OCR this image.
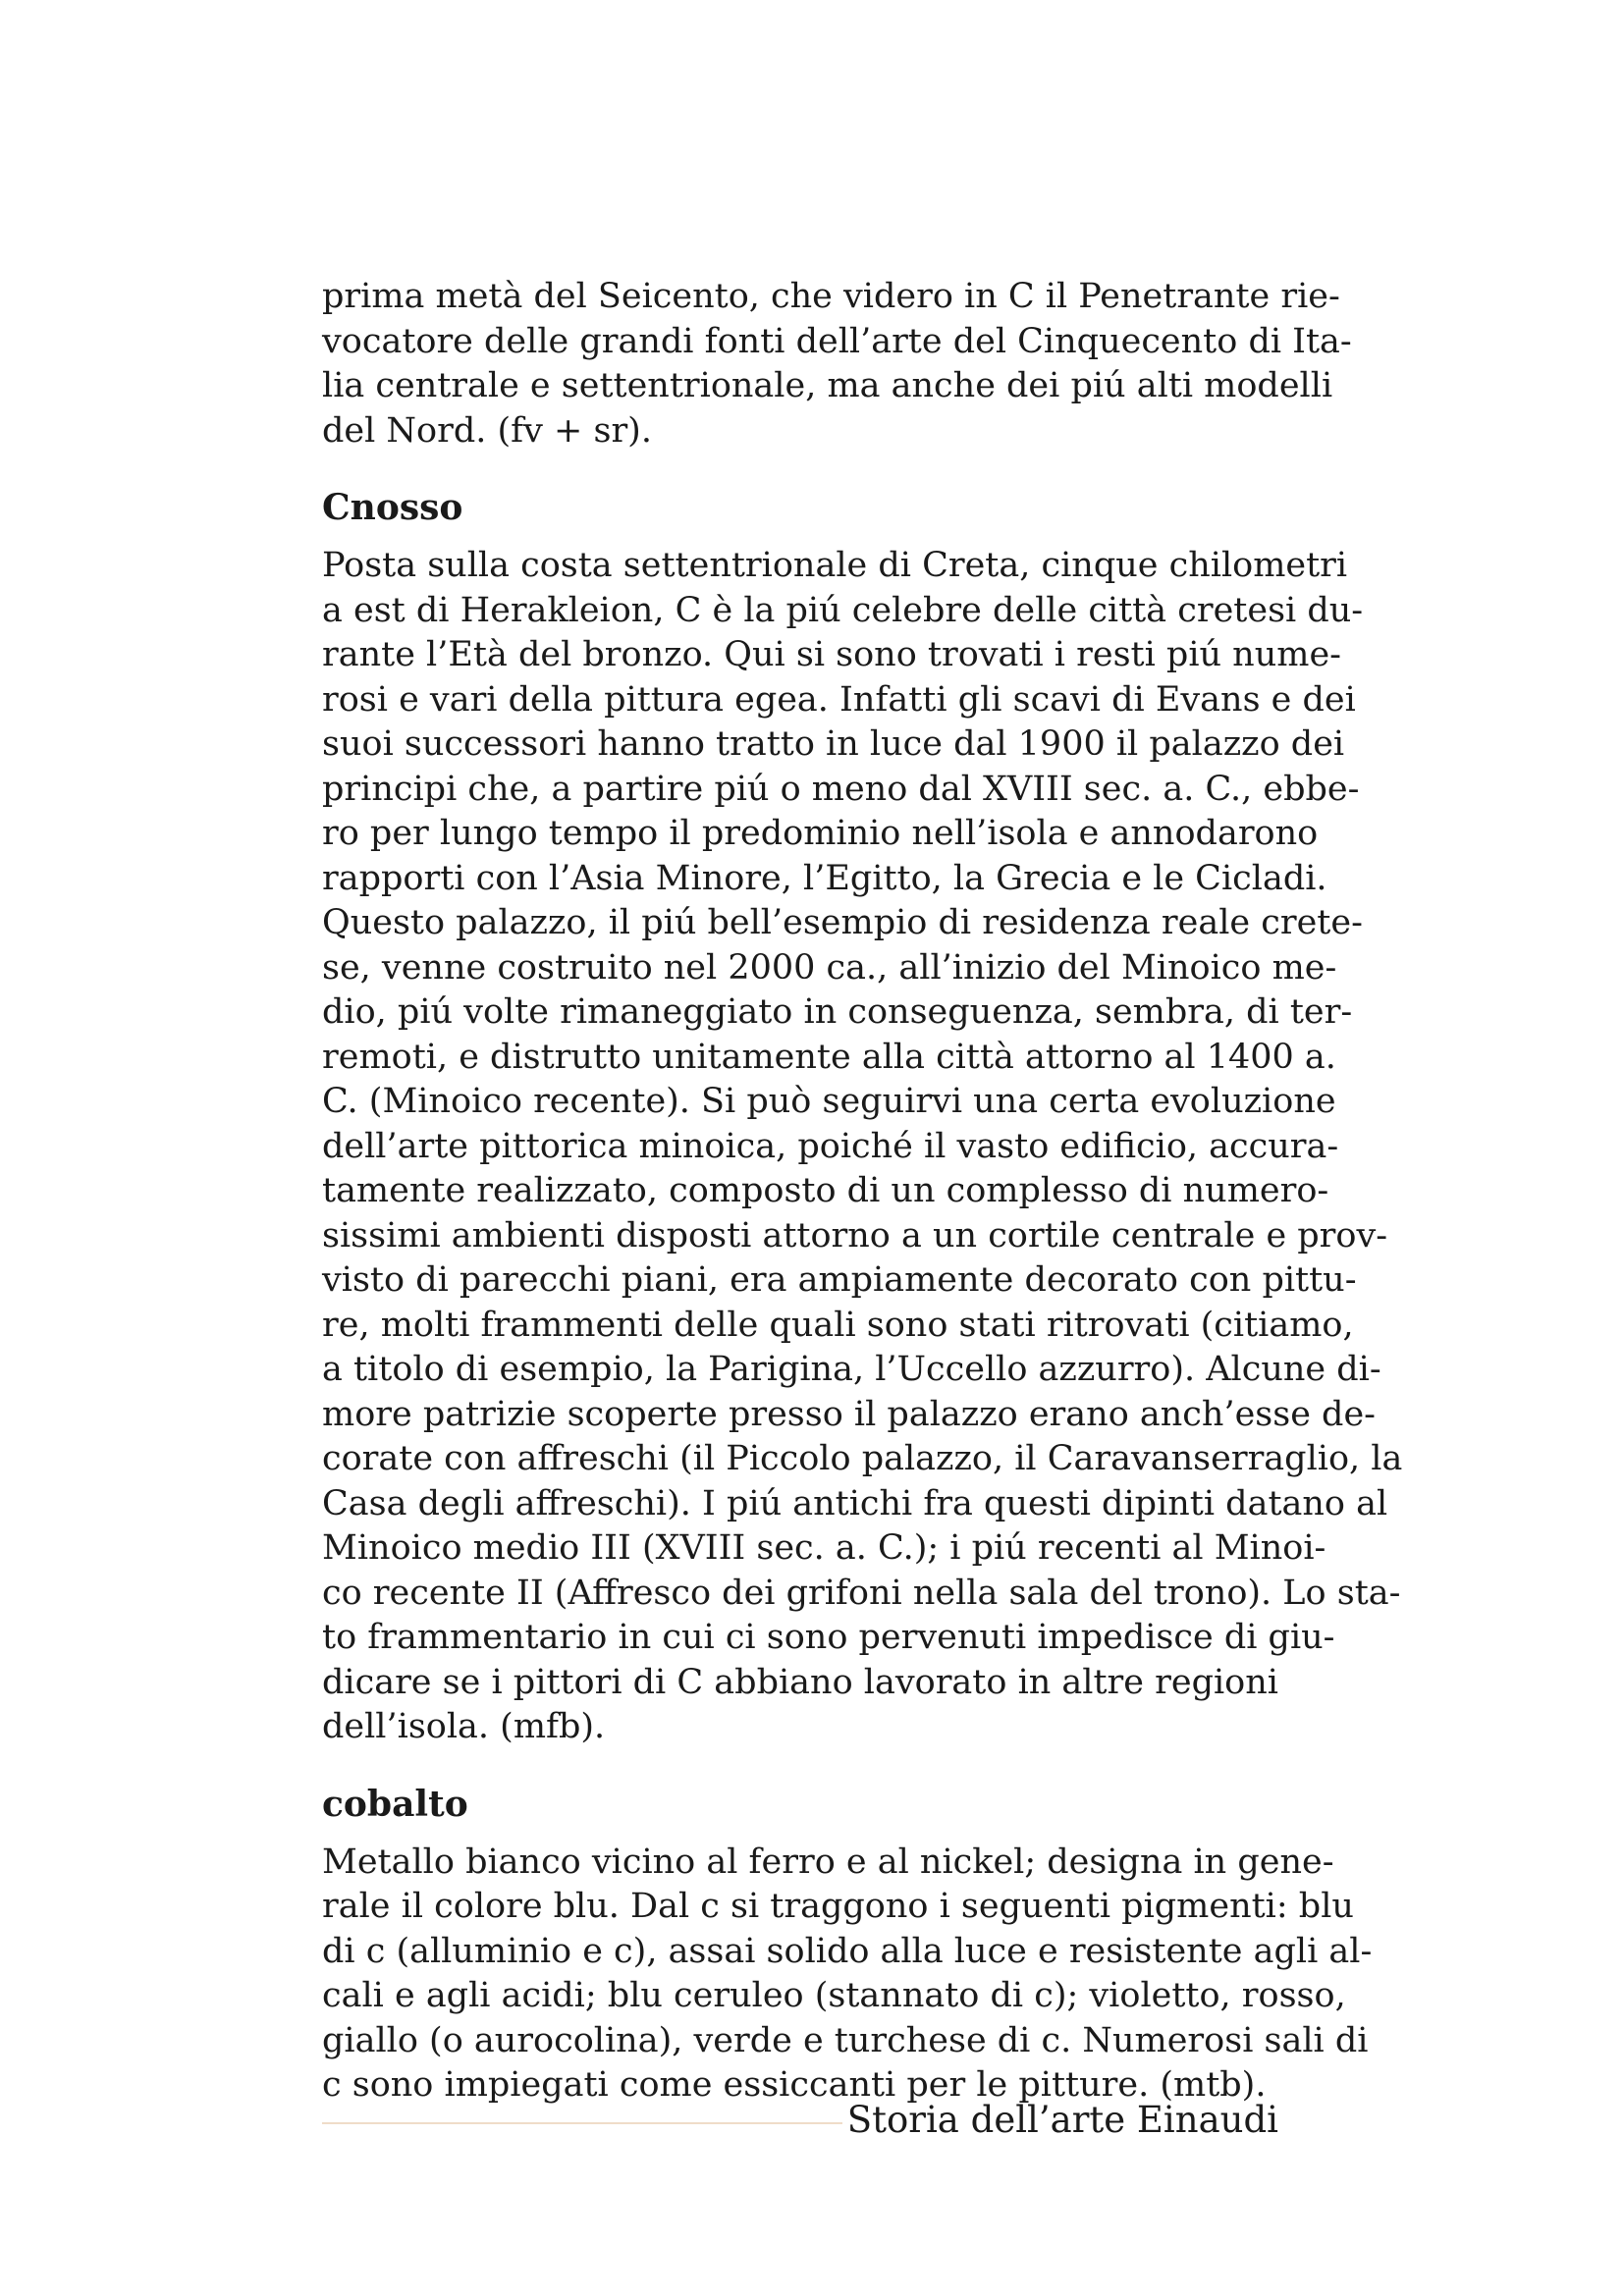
prima metà del Seicento, che videro in C il Penetrante rie-
vocatore delle grandi fonti dell’arte del Cinquecento di Ita-
lia centrale e settentrionale, ma anche dei piú alti modelli
del Nord. (fv + sr).
Cnosso
Posta sulla costa settentrionale di Creta, cinque chilometri
a est di Herakleion, C è la piú celebre delle città cretesi du-
rante l’Età del bronzo. Qui si sono trovati i resti piú nume-
rosi e vari della pittura egea. Infatti gli scavi di Evans e dei
suoi successori hanno tratto in luce dal 1900 il palazzo dei
principi che, a partire piú o meno dal XVIII sec. a. C., ebbe-
ro per lungo tempo il predominio nell’isola e annodarono
rapporti con l’Asia Minore, l’Egitto, la Grecia e le Cicladi.
Questo palazzo, il piú bell’esempio di residenza reale crete-
se, venne costruito nel 2000 ca., all’inizio del Minoico me-
dio, piú volte rimaneggiato in conseguenza, sembra, di ter-
remoti, e distrutto unitamente alla città attorno al 1400 a.
C. (Minoico recente). Si può seguirvi una certa evoluzione
dell’arte pittorica minoica, poiché il vasto edificio, accura-
tamente realizzato, composto di un complesso di numero-
sissimi ambienti disposti attorno a un cortile centrale e prov-
visto di parecchi piani, era ampiamente decorato con pittu-
re, molti frammenti delle quali sono stati ritrovati (citiamo,
a titolo di esempio, la Parigina, l’Uccello azzurro). Alcune di-
more patrizie scoperte presso il palazzo erano anch’esse de-
corate con affreschi (il Piccolo palazzo, il Caravanserraglio, la
Casa degli affreschi). I piú antichi fra questi dipinti datano al
Minoico medio III (XVIII sec. a. C.); i piú recenti al Minoi-
co recente II (Affresco dei grifoni nella sala del trono). Lo sta-
to frammentario in cui ci sono pervenuti impedisce di giu-
dicare se i pittori di C abbiano lavorato in altre regioni
dell’isola. (mfb).
cobalto
Metallo bianco vicino al ferro e al nickel; designa in gene-
rale il colore blu. Dal c si traggono i seguenti pigmenti: blu
di c (alluminio e c), assai solido alla luce e resistente agli al-
cali e agli acidi; blu ceruleo (stannato di c); violetto, rosso,
giallo (o aurocolina), verde e turchese di c. Numerosi sali di
c sono impiegati come essiccanti per le pitture. (mtb).
Storia dell’arte Einaudi
